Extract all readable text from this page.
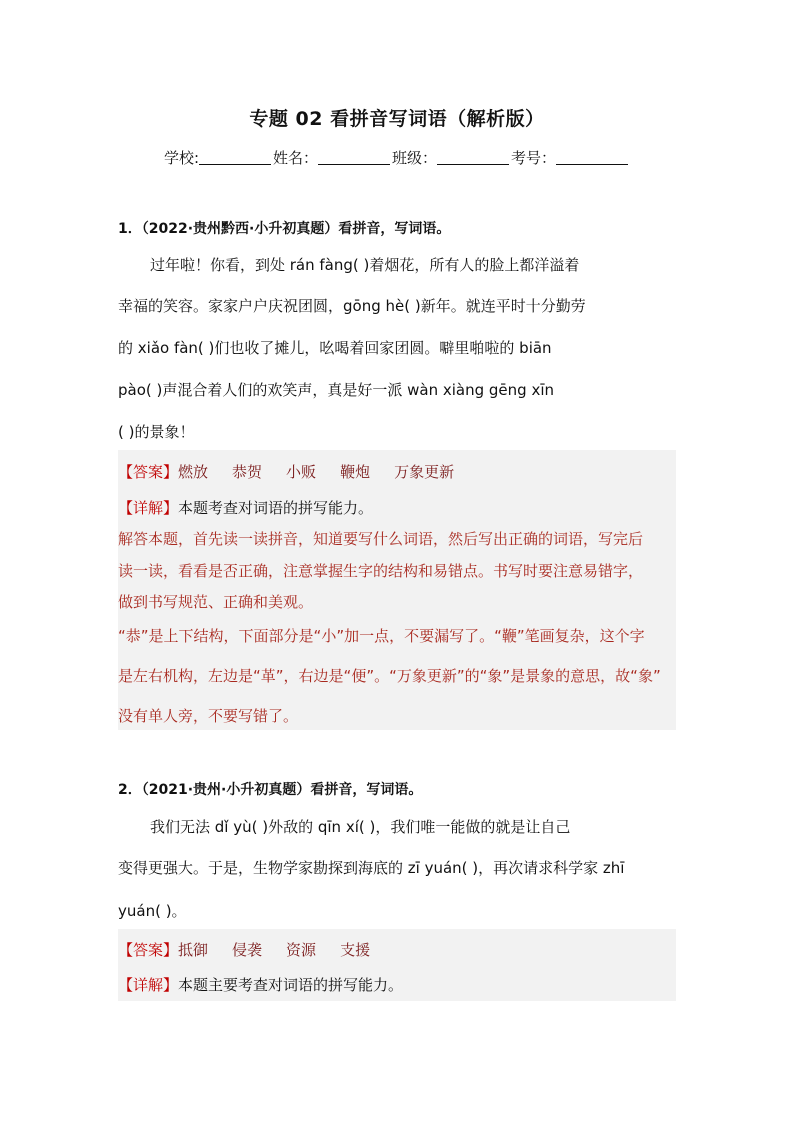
专题 02 看拼音写词语（解析版）
学校:	姓名：	班级：	考号：
1．（2022·贵州黔西·小升初真题）看拼音，写词语。
过年啦！你看，到处 rán fàng( )着烟花，所有人的脸上都洋溢着
幸福的笑容。家家户户庆祝团圆，gōng hè( )新年。就连平时十分勤劳
的 xiǎo fàn( )们也收了摊儿，吆喝着回家团圆。噼里啪啦的 biān
pào( )声混合着人们的欢笑声，真是好一派 wàn xiàng gēng xīn
( )的景象！
【答案】燃放 恭贺 小贩 鞭炮 万象更新
【详解】本题考查对词语的拼写能力。
解答本题，首先读一读拼音，知道要写什么词语，然后写出正确的词语，写完后
读一读，看看是否正确，注意掌握生字的结构和易错点。书写时要注意易错字，
做到书写规范、正确和美观。
“恭”是上下结构，下面部分是“小”加一点，不要漏写了。“鞭”笔画复杂，这个字
是左右机构，左边是“革”，右边是“便”。“万象更新”的“象”是景象的意思，故“象”
没有单人旁，不要写错了。
2．（2021·贵州·小升初真题）看拼音，写词语。
我们无法 dǐ yù( )外敌的 qīn xí( )，我们唯一能做的就是让自己
变得更强大。于是，生物学家勘探到海底的 zī yuán( )，再次请求科学家 zhī
yuán( )。
【答案】抵御 侵袭 资源 支援
【详解】本题主要考查对词语的拼写能力。
